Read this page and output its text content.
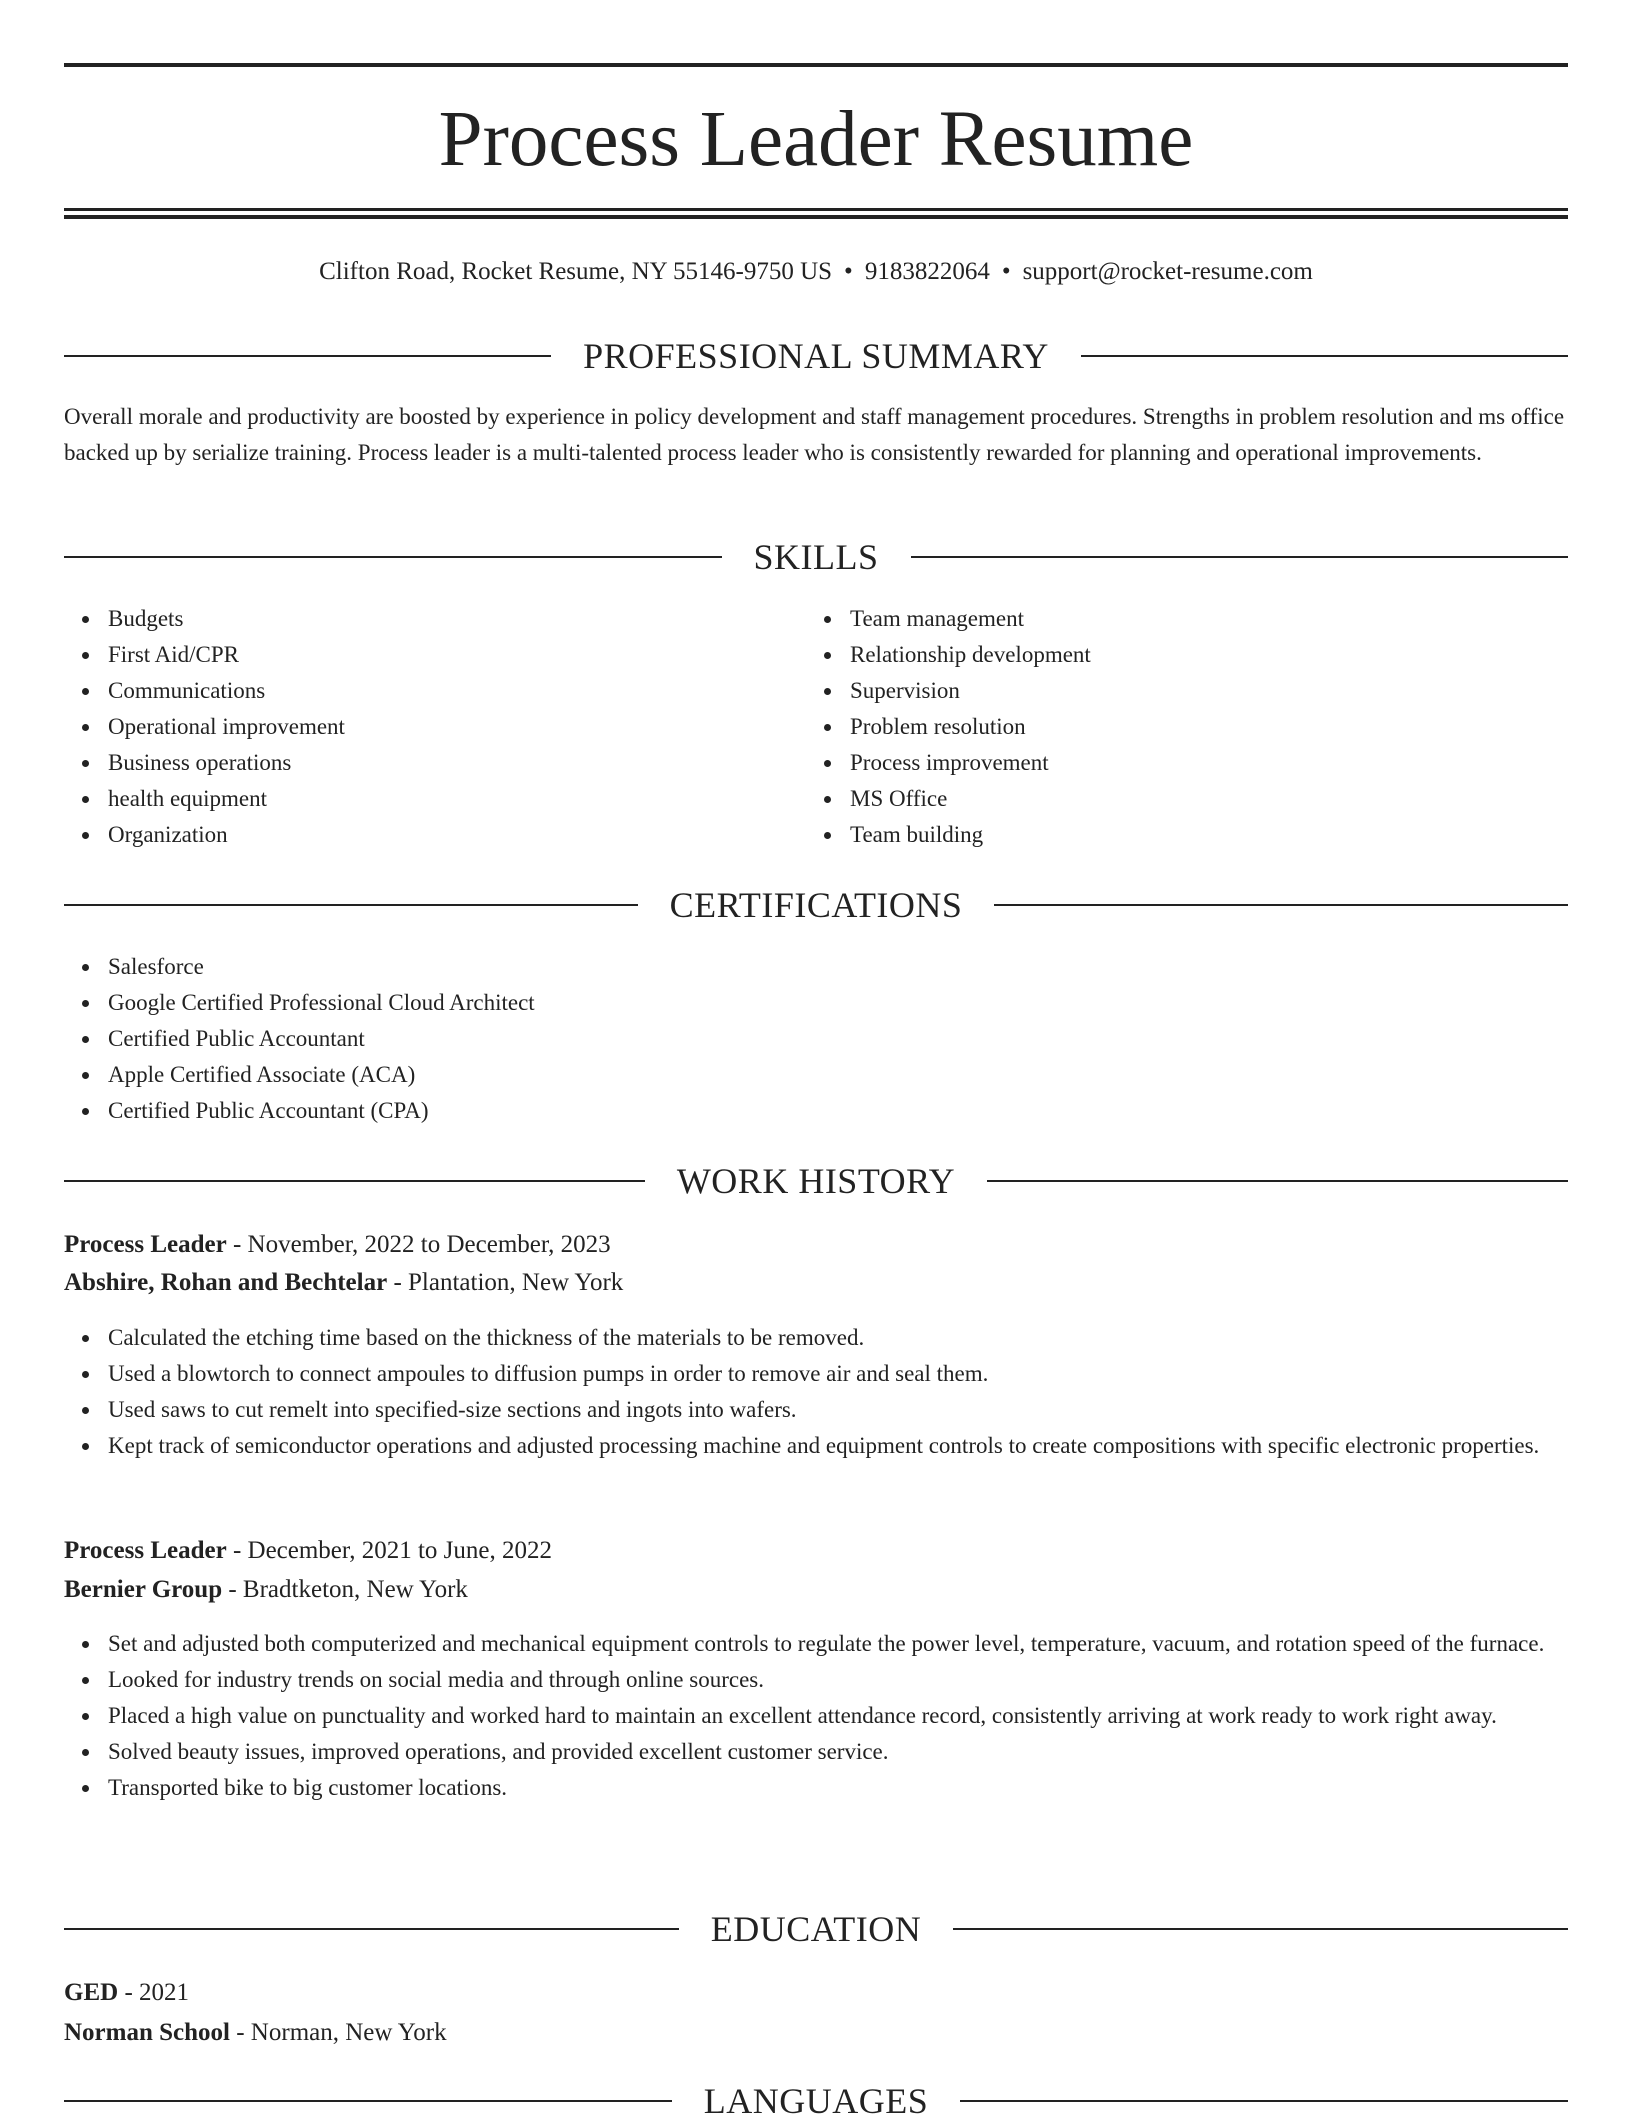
Process Leader Resume
Clifton Road, Rocket Resume, NY 55146-9750 US • 9183822064 • support@rocket-resume.com
PROFESSIONAL SUMMARY

Overall morale and productivity are boosted by experience in policy development and staff management procedures. Strengths in problem resolution and ms office backed up by serialize training. Process leader is a multi-talented process leader who is consistently rewarded for planning and operational improvements.

SKILLS
Budgets
First Aid/CPR
Communications
Operational improvement
Business operations
health equipment
Organization
Team management
Relationship development
Supervision
Problem resolution
Process improvement
MS Office
Team building
CERTIFICATIONS
Salesforce
Google Certified Professional Cloud Architect
Certified Public Accountant
Apple Certified Associate (ACA)
Certified Public Accountant (CPA)
WORK HISTORY
Process Leader - November, 2022 to December, 2023
Abshire, Rohan and Bechtelar - Plantation, New York
Calculated the etching time based on the thickness of the materials to be removed.
Used a blowtorch to connect ampoules to diffusion pumps in order to remove air and seal them.
Used saws to cut remelt into specified-size sections and ingots into wafers.
Kept track of semiconductor operations and adjusted processing machine and equipment controls to create compositions with specific electronic properties.
Process Leader - December, 2021 to June, 2022
Bernier Group - Bradtketon, New York
Set and adjusted both computerized and mechanical equipment controls to regulate the power level, temperature, vacuum, and rotation speed of the furnace.
Looked for industry trends on social media and through online sources.
Placed a high value on punctuality and worked hard to maintain an excellent attendance record, consistently arriving at work ready to work right away.
Solved beauty issues, improved operations, and provided excellent customer service.
Transported bike to big customer locations.
EDUCATION
GED - 2021
Norman School - Norman, New York
LANGUAGES
